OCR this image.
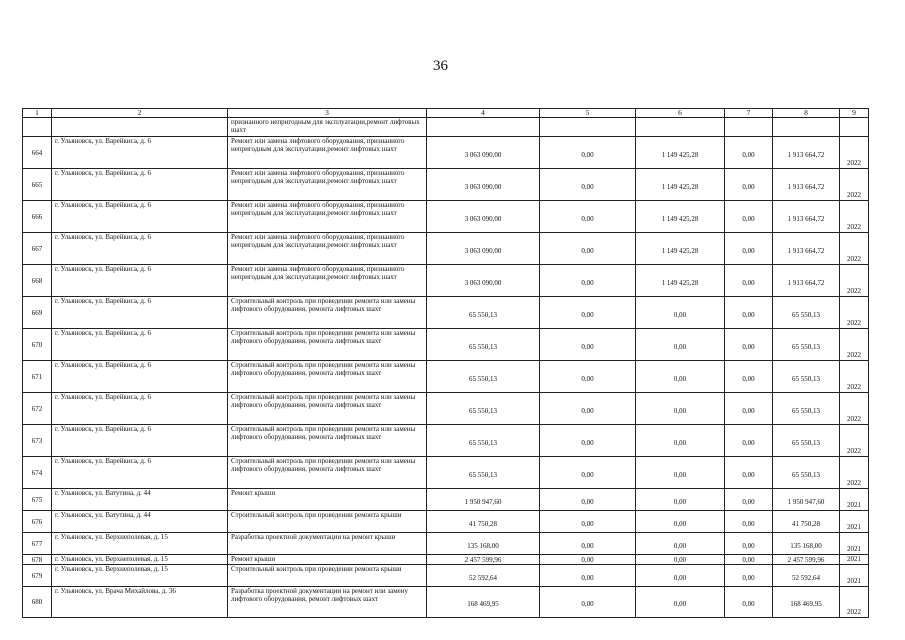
36
1	2	3	4	5	6	7	8	9
		признанного непригодным для эксплуатации,ремонт лифтовых шахт						
664	г. Ульяновск, ул. Варейкиса, д. 6	Ремонт или замена лифтового оборудования, признанного непригодным для эксплуатации,ремонт лифтовых шахт	3 063 090,00	0,00	1 149 425,28	0,00	1 913 664,72	2022
665	г. Ульяновск, ул. Варейкиса, д. 6	Ремонт или замена лифтового оборудования, признанного непригодным для эксплуатации,ремонт лифтовых шахт	3 063 090,00	0,00	1 149 425,28	0,00	1 913 664,72	2022
666	г. Ульяновск, ул. Варейкиса, д. 6	Ремонт или замена лифтового оборудования, признанного непригодным для эксплуатации,ремонт лифтовых шахт	3 063 090,00	0,00	1 149 425,28	0,00	1 913 664,72	2022
667	г. Ульяновск, ул. Варейкиса, д. 6	Ремонт или замена лифтового оборудования, признанного непригодным для эксплуатации,ремонт лифтовых шахт	3 063 090,00	0,00	1 149 425,28	0,00	1 913 664,72	2022
668	г. Ульяновск, ул. Варейкиса, д. 6	Ремонт или замена лифтового оборудования, признанного непригодным для эксплуатации,ремонт лифтовых шахт	3 063 090,00	0,00	1 149 425,28	0,00	1 913 664,72	2022
669	г. Ульяновск, ул. Варейкиса, д. 6	Строительный контроль при проведении ремонта или замены лифтового оборудования, ремонта лифтовых шахт	65 550,13	0,00	0,00	0,00	65 550,13	2022
670	г. Ульяновск, ул. Варейкиса, д. 6	Строительный контроль при проведении ремонта или замены лифтового оборудования, ремонта лифтовых шахт	65 550,13	0,00	0,00	0,00	65 550,13	2022
671	г. Ульяновск, ул. Варейкиса, д. 6	Строительный контроль при проведении ремонта или замены лифтового оборудования, ремонта лифтовых шахт	65 550,13	0,00	0,00	0,00	65 550,13	2022
672	г. Ульяновск, ул. Варейкиса, д. 6	Строительный контроль при проведении ремонта или замены лифтового оборудования, ремонта лифтовых шахт	65 550,13	0,00	0,00	0,00	65 550,13	2022
673	г. Ульяновск, ул. Варейкиса, д. 6	Строительный контроль при проведении ремонта или замены лифтового оборудования, ремонта лифтовых шахт	65 550,13	0,00	0,00	0,00	65 550,13	2022
674	г. Ульяновск, ул. Варейкиса, д. 6	Строительный контроль при проведении ремонта или замены лифтового оборудования, ремонта лифтовых шахт	65 550,13	0,00	0,00	0,00	65 550,13	2022
675	г. Ульяновск, ул. Ватутина, д. 44	Ремонт крыши	1 950 947,60	0,00	0,00	0,00	1 950 947,60	2021
676	г. Ульяновск, ул. Ватутина, д. 44	Строительный контроль при проведении ремонта крыши	41 750,28	0,00	0,00	0,00	41 750,28	2021
677	г. Ульяновск, ул. Верхнеполевая, д. 15	Разработка проектной документации на ремонт крыши	135 168,00	0,00	0,00	0,00	135 168,00	2021
678	г. Ульяновск, ул. Верхнеполевая, д. 15	Ремонт крыши	2 457 599,96	0,00	0,00	0,00	2 457 599,96	2021
679	г. Ульяновск, ул. Верхнеполевая, д. 15	Строительный контроль при проведении ремонта крыши	52 592,64	0,00	0,00	0,00	52 592,64	2021
680	г. Ульяновск, ул. Врача Михайлова, д. 36	Разработка проектной документации на ремонт или замену лифтового оборудования, ремонт лифтовых шахт	168 469,95	0,00	0,00	0,00	168 469,95	2022
